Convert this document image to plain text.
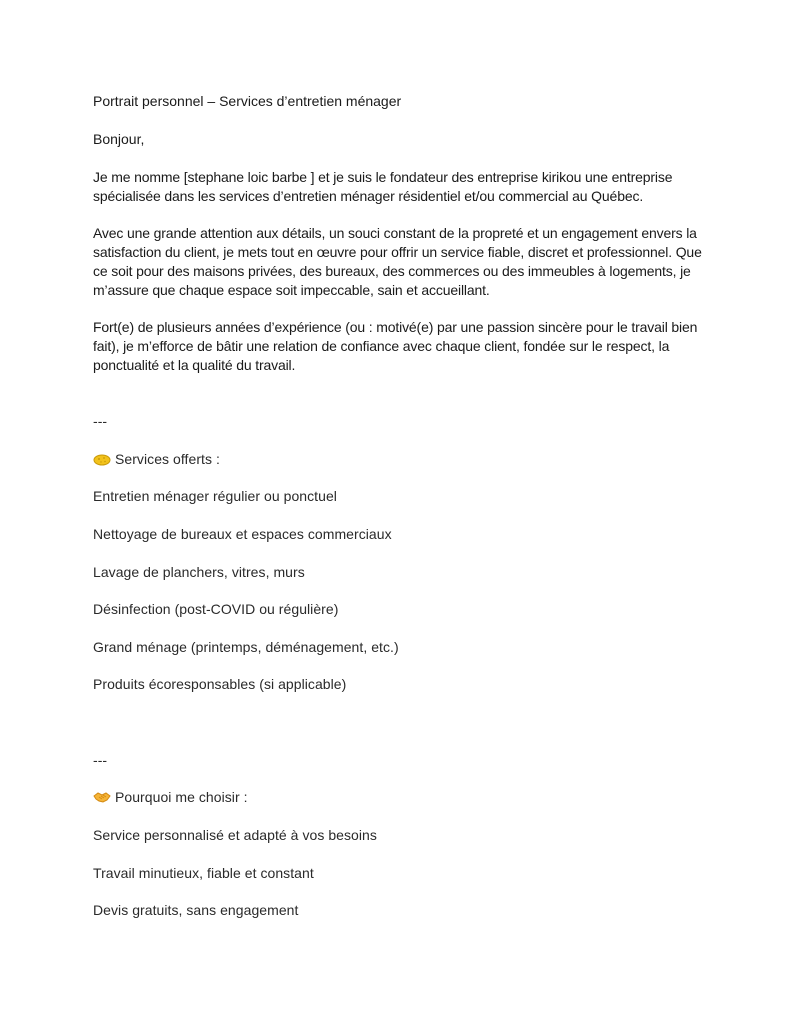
Portrait personnel – Services d’entretien ménager
Bonjour,
Je me nomme [stephane loic barbe ] et je suis le fondateur des entreprise kirikou une entreprise spécialisée dans les services d’entretien ménager résidentiel et/ou commercial au Québec.
Avec une grande attention aux détails, un souci constant de la propreté et un engagement envers la satisfaction du client, je mets tout en œuvre pour offrir un service fiable, discret et professionnel. Que ce soit pour des maisons privées, des bureaux, des commerces ou des immeubles à logements, je m’assure que chaque espace soit impeccable, sain et accueillant.
Fort(e) de plusieurs années d’expérience (ou : motivé(e) par une passion sincère pour le travail bien fait), je m’efforce de bâtir une relation de confiance avec chaque client, fondée sur le respect, la ponctualité et la qualité du travail.
---
Services offerts :
Entretien ménager régulier ou ponctuel
Nettoyage de bureaux et espaces commerciaux
Lavage de planchers, vitres, murs
Désinfection (post-COVID ou régulière)
Grand ménage (printemps, déménagement, etc.)
Produits écoresponsables (si applicable)
---
Pourquoi me choisir :
Service personnalisé et adapté à vos besoins
Travail minutieux, fiable et constant
Devis gratuits, sans engagement
